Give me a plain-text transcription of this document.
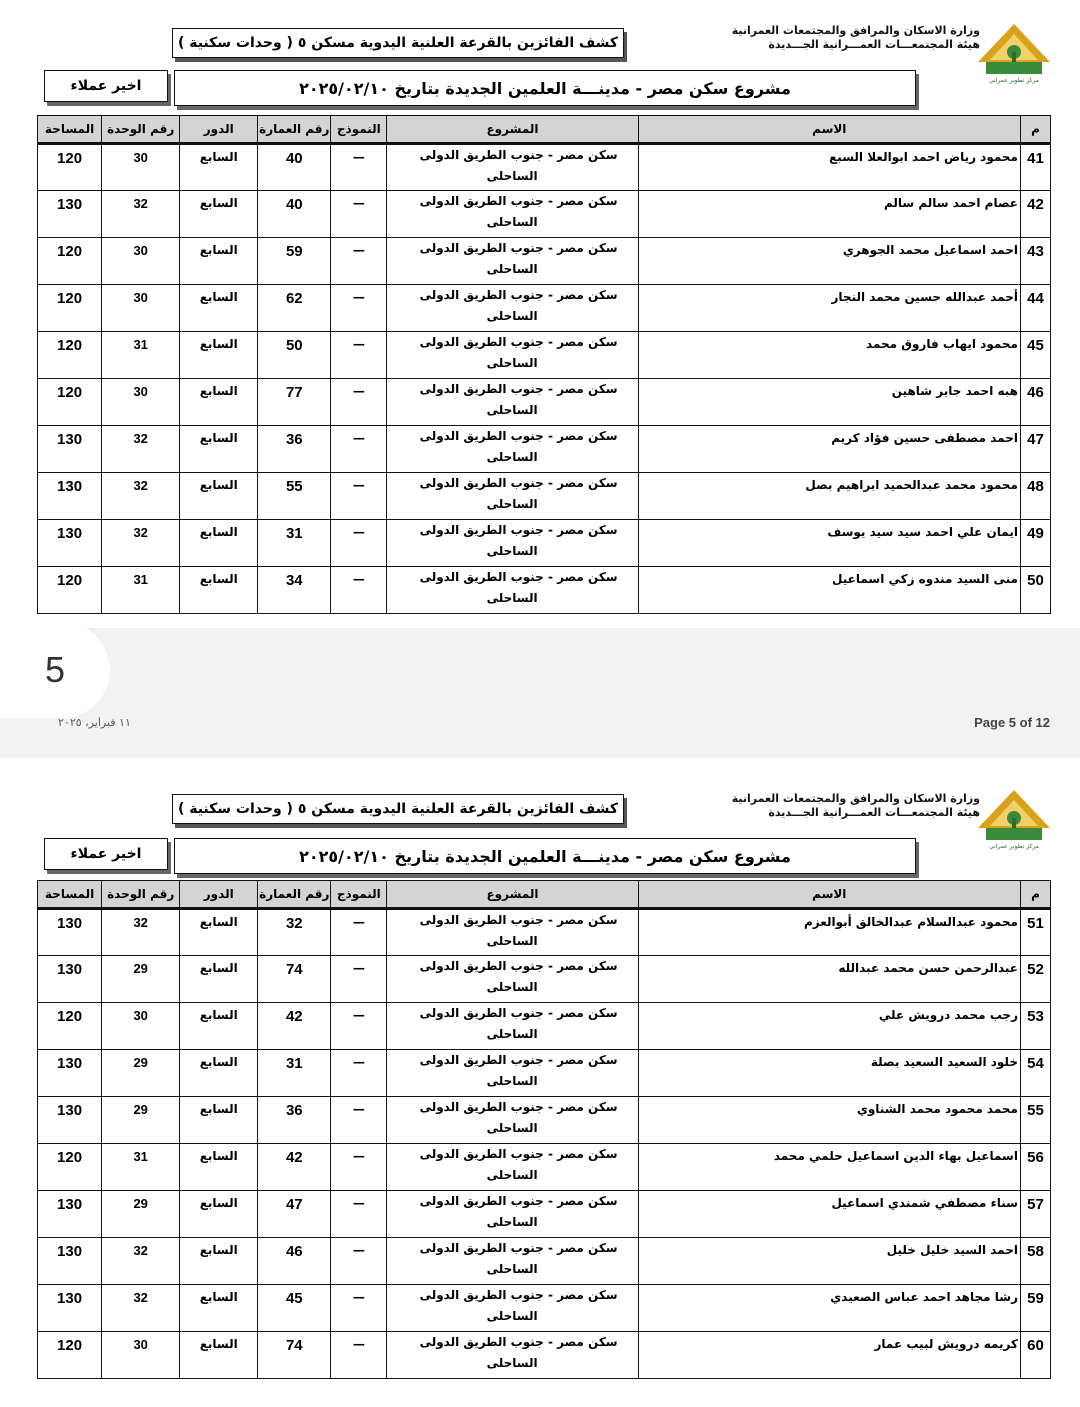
مركز تطوير عمراني
وزارة الاسكان والمرافق والمجتمعات العمرانية
هيئة المجتمعـــات العمـــرانية الجـــديدة
كشف الفائزين بالقرعة العلنية اليدوية مسكن ٥ ( وحدات سكنية )
مشروع سكن مصر - مدينـــة العلمين الجديدة بتاريخ ٢٠٢٥/٠٢/١٠
اخير عملاء
م	الاسم	المشروع	النموذج	رقم العمارة	الدور	رقم الوحدة	المساحة
41	محمود رياض احمد ابوالعلا السبع	سكن مصر - جنوب الطريق الدولى
الساحلى	—	40	السابع	30	120
42	عصام احمد سالم سالم	سكن مصر - جنوب الطريق الدولى
الساحلى	—	40	السابع	32	130
43	احمد اسماعيل محمد الجوهري	سكن مصر - جنوب الطريق الدولى
الساحلى	—	59	السابع	30	120
44	أحمد عبدالله حسين محمد النجار	سكن مصر - جنوب الطريق الدولى
الساحلى	—	62	السابع	30	120
45	محمود ايهاب فاروق محمد	سكن مصر - جنوب الطريق الدولى
الساحلى	—	50	السابع	31	120
46	هبه احمد جابر شاهين	سكن مصر - جنوب الطريق الدولى
الساحلى	—	77	السابع	30	120
47	احمد مصطفى حسين فؤاد كريم	سكن مصر - جنوب الطريق الدولى
الساحلى	—	36	السابع	32	130
48	محمود محمد عبدالحميد ابراهيم بصل	سكن مصر - جنوب الطريق الدولى
الساحلى	—	55	السابع	32	130
49	ايمان علي احمد سيد سيد يوسف	سكن مصر - جنوب الطريق الدولى
الساحلى	—	31	السابع	32	130
50	منى السيد مندوه زكي اسماعيل	سكن مصر - جنوب الطريق الدولى
الساحلى	—	34	السابع	31	120
5
١١ فبراير، ٢٠٢٥	Page 5 of 12
مركز تطوير عمراني
وزارة الاسكان والمرافق والمجتمعات العمرانية
هيئة المجتمعـــات العمـــرانية الجـــديدة
كشف الفائزين بالقرعة العلنية اليدوية مسكن ٥ ( وحدات سكنية )
مشروع سكن مصر - مدينـــة العلمين الجديدة بتاريخ ٢٠٢٥/٠٢/١٠
اخير عملاء
م	الاسم	المشروع	النموذج	رقم العمارة	الدور	رقم الوحدة	المساحة
51	محمود عبدالسلام عبدالخالق أبوالعزم	سكن مصر - جنوب الطريق الدولى
الساحلى	—	32	السابع	32	130
52	عبدالرحمن حسن محمد عبدالله	سكن مصر - جنوب الطريق الدولى
الساحلى	—	74	السابع	29	130
53	رجب محمد درويش علي	سكن مصر - جنوب الطريق الدولى
الساحلى	—	42	السابع	30	120
54	خلود السعيد السعيد بصلة	سكن مصر - جنوب الطريق الدولى
الساحلى	—	31	السابع	29	130
55	محمد محمود محمد الشناوي	سكن مصر - جنوب الطريق الدولى
الساحلى	—	36	السابع	29	130
56	اسماعيل بهاء الدين اسماعيل حلمي محمد	سكن مصر - جنوب الطريق الدولى
الساحلى	—	42	السابع	31	120
57	سناء مصطفي شمندي اسماعيل	سكن مصر - جنوب الطريق الدولى
الساحلى	—	47	السابع	29	130
58	احمد السيد خليل خليل	سكن مصر - جنوب الطريق الدولى
الساحلى	—	46	السابع	32	130
59	رشا مجاهد احمد عباس الصعيدي	سكن مصر - جنوب الطريق الدولى
الساحلى	—	45	السابع	32	130
60	كريمه درويش لبيب عمار	سكن مصر - جنوب الطريق الدولى
الساحلى	—	74	السابع	30	120
